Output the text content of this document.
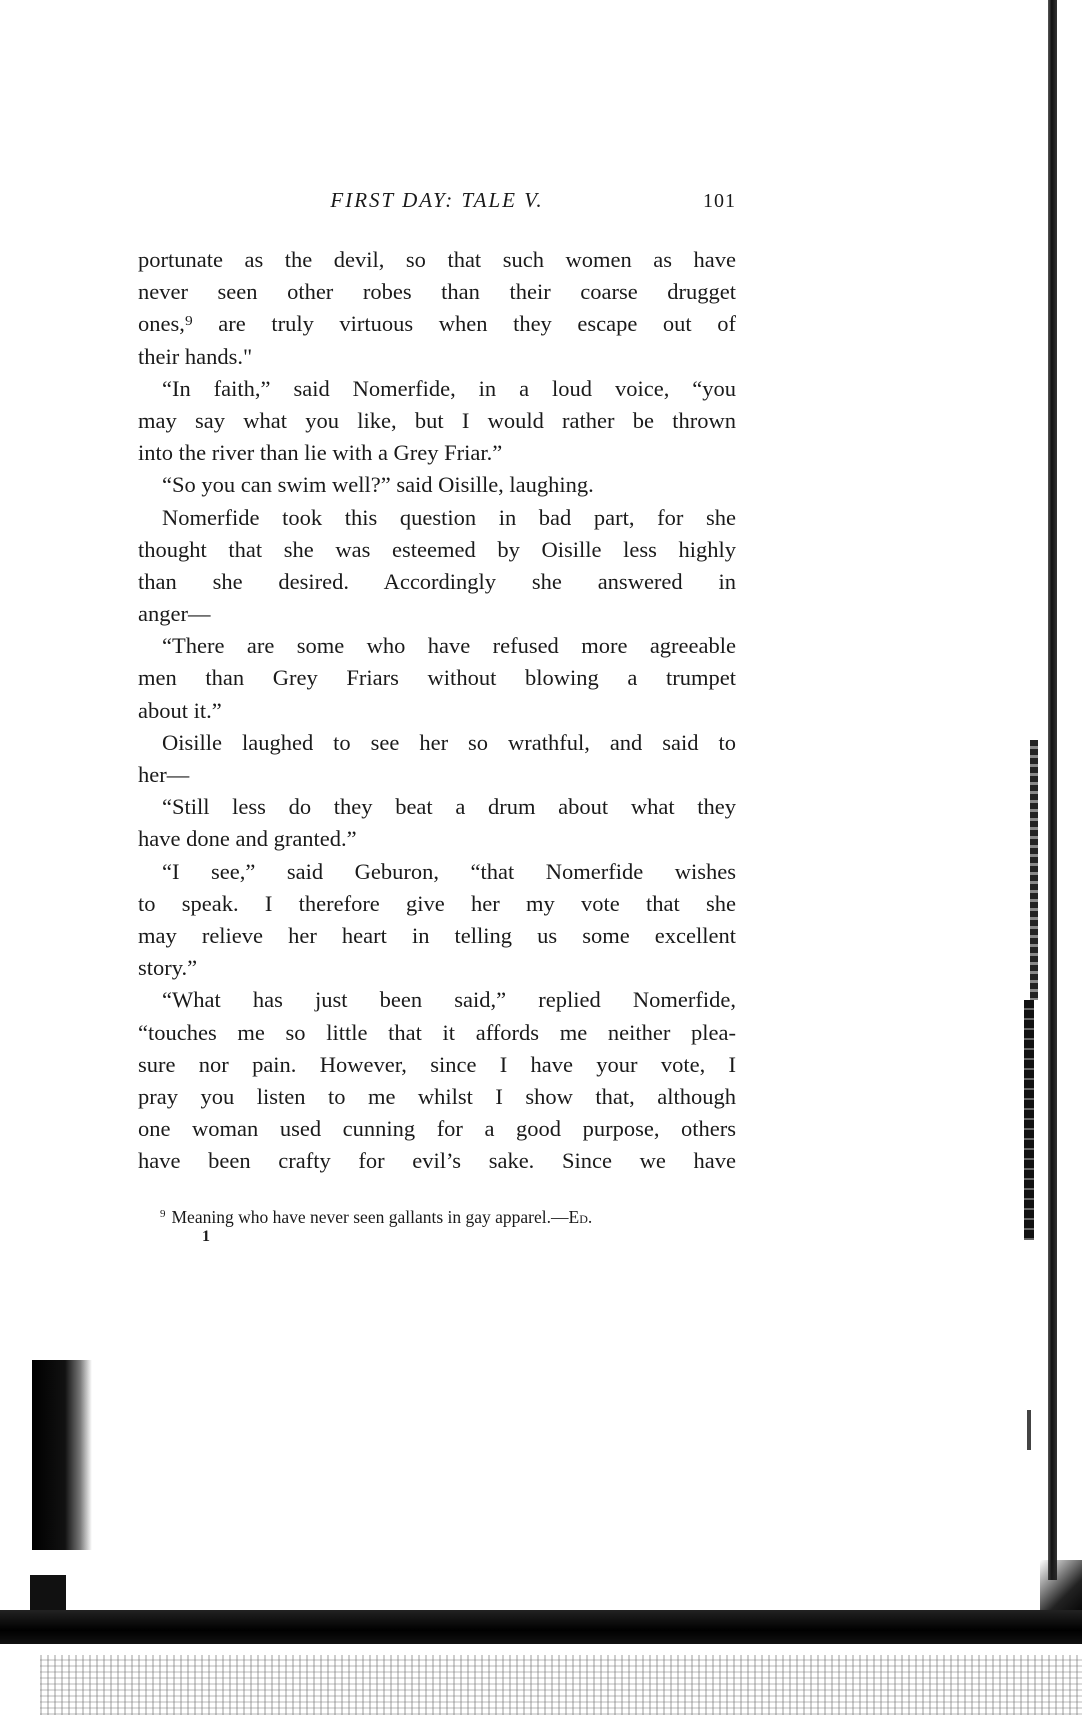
FIRST DAY: TALE V.	101
portunate as the devil, so that such women as have
never seen other robes than their coarse drugget
ones,⁹ are truly virtuous when they escape out of
their hands."
“In faith,” said Nomerfide, in a loud voice, “you
may say what you like, but I would rather be thrown
into the river than lie with a Grey Friar.”
“So you can swim well?” said Oisille, laughing.
Nomerfide took this question in bad part, for she
thought that she was esteemed by Oisille less highly
than she desired. Accordingly she answered in
anger—
“There are some who have refused more agreeable
men than Grey Friars without blowing a trumpet
about it.”
Oisille laughed to see her so wrathful, and said to
her—
“Still less do they beat a drum about what they
have done and granted.”
“I see,” said Geburon, “that Nomerfide wishes
to speak. I therefore give her my vote that she
may relieve her heart in telling us some excellent
story.”
“What has just been said,” replied Nomerfide,
“touches me so little that it affords me neither plea-
sure nor pain. However, since I have your vote, I
pray you listen to me whilst I show that, although
one woman used cunning for a good purpose, others
have been crafty for evil’s sake. Since we have
$^9$ Meaning who have never seen gallants in gay apparel.—Ed.
1
